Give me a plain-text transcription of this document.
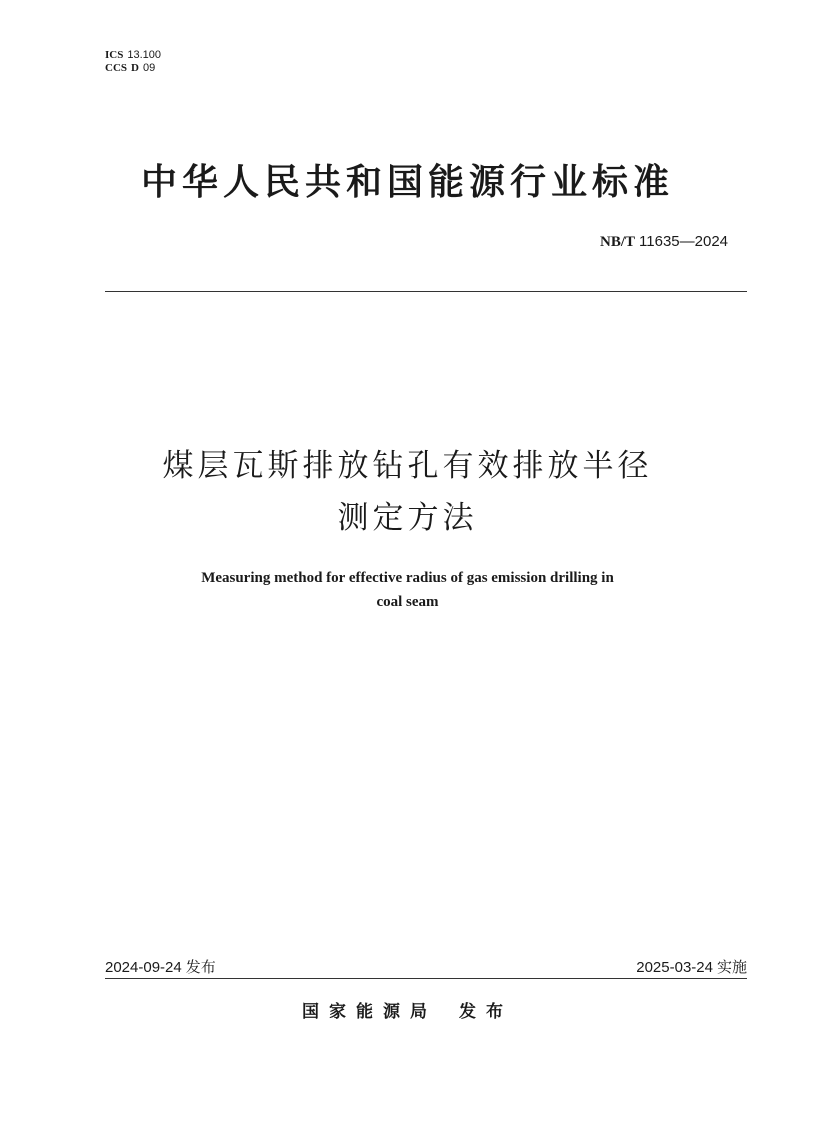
ICS 13.100
CCS D 09
中华人民共和国能源行业标准
NB/T 11635—2024
煤层瓦斯排放钻孔有效排放半径
测定方法
Measuring method for effective radius of gas emission drilling in
coal seam
2024-09-24 发布	2025-03-24 实施
国家能源局 发布
